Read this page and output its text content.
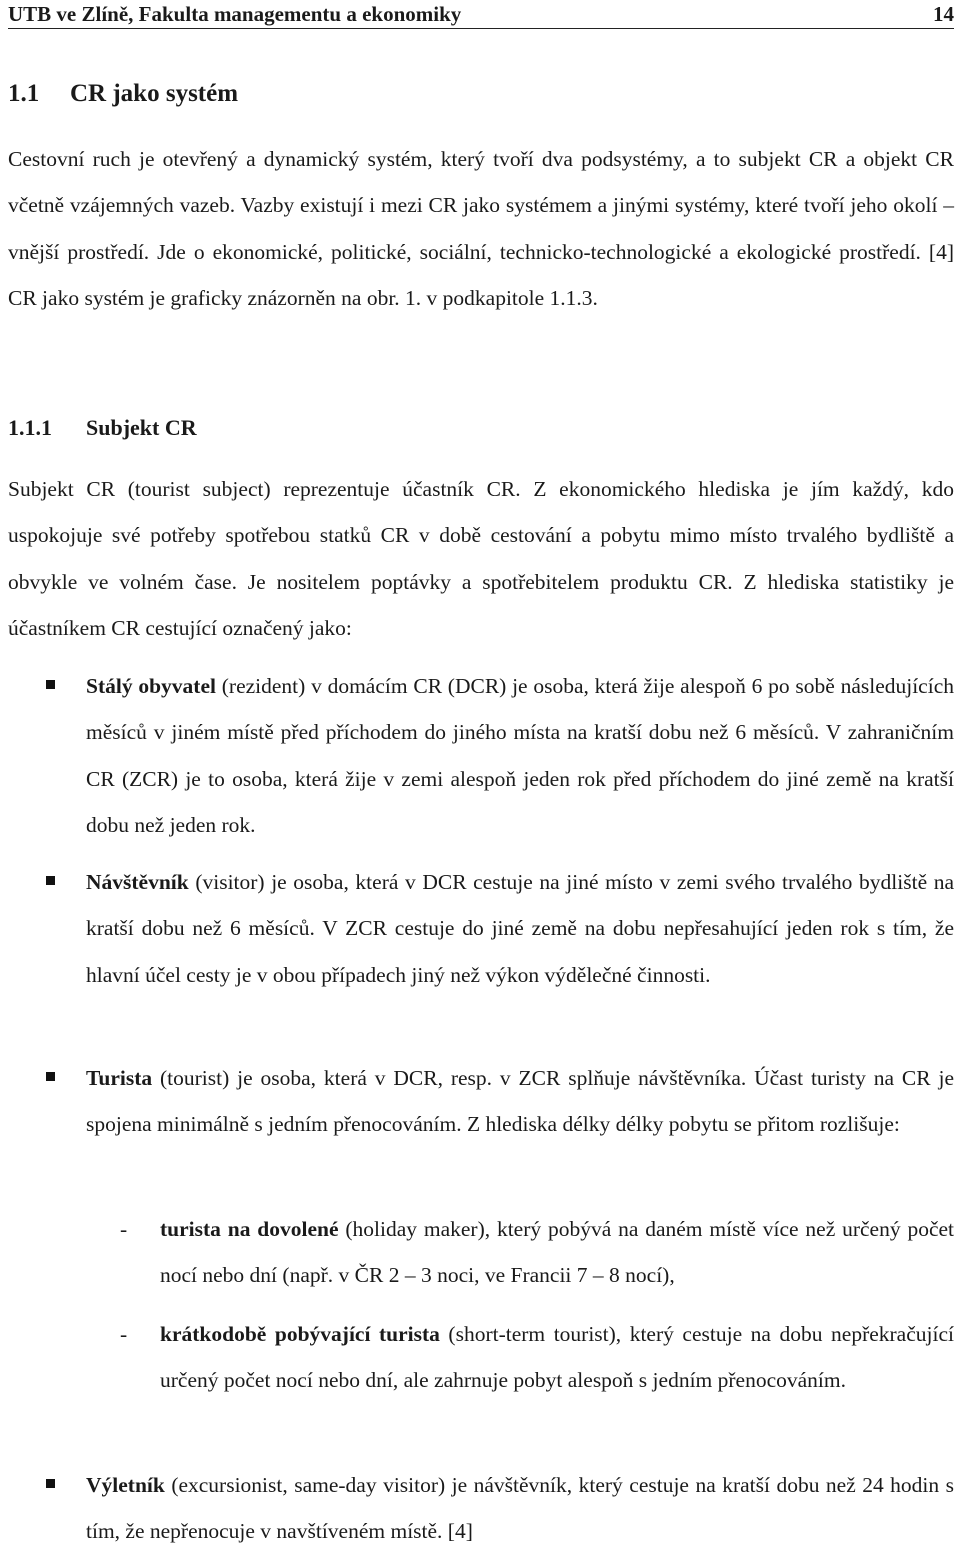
UTB ve Zlíně, Fakulta managementu a ekonomiky	14
1.1 CR jako systém

Cestovní ruch je otevřený a dynamický systém, který tvoří dva podsystémy, a to subjekt CR a objekt CR včetně vzájemných vazeb. Vazby existují i mezi CR jako systémem a jinými systémy, které tvoří jeho okolí – vnější prostředí. Jde o ekonomické, politické, sociální, technicko-technologické a ekologické prostředí. [4] CR jako systém je graficky znázorněn na obr. 1. v podkapitole 1.1.3.

1.1.1 Subjekt CR

Subjekt CR (tourist subject) reprezentuje účastník CR. Z ekonomického hlediska je jím každý, kdo uspokojuje své potřeby spotřebou statků CR v době cestování a pobytu mimo místo trvalého bydliště a obvykle ve volném čase. Je nositelem poptávky a spotřebitelem produktu CR. Z hlediska statistiky je účastníkem CR cestující označený jako:

Stálý obyvatel (rezident) v domácím CR (DCR) je osoba, která žije alespoň 6 po sobě následujících měsíců v jiném místě před příchodem do jiného místa na kratší dobu než 6 měsíců. V zahraničním CR (ZCR) je to osoba, která žije v zemi alespoň jeden rok před příchodem do jiné země na kratší dobu než jeden rok.
Návštěvník (visitor) je osoba, která v DCR cestuje na jiné místo v zemi svého trvalého bydliště na kratší dobu než 6 měsíců. V ZCR cestuje do jiné země na dobu nepřesahující jeden rok s tím, že hlavní účel cesty je v obou případech jiný než výkon výdělečné činnosti.
Turista (tourist) je osoba, která v DCR, resp. v ZCR splňuje návštěvníka. Účast turisty na CR je spojena minimálně s jedním přenocováním. Z hlediska délky délky pobytu se přitom rozlišuje:
- turista na dovolené (holiday maker), který pobývá na daném místě více než určený počet nocí nebo dní (např. v ČR 2 – 3 noci, ve Francii 7 – 8 nocí),
- krátkodobě pobývající turista (short-term tourist), který cestuje na dobu nepřekračující určený počet nocí nebo dní, ale zahrnuje pobyt alespoň s jedním přenocováním.
Výletník (excursionist, same-day visitor) je návštěvník, který cestuje na kratší dobu než 24 hodin s tím, že nepřenocuje v navštíveném místě. [4]
